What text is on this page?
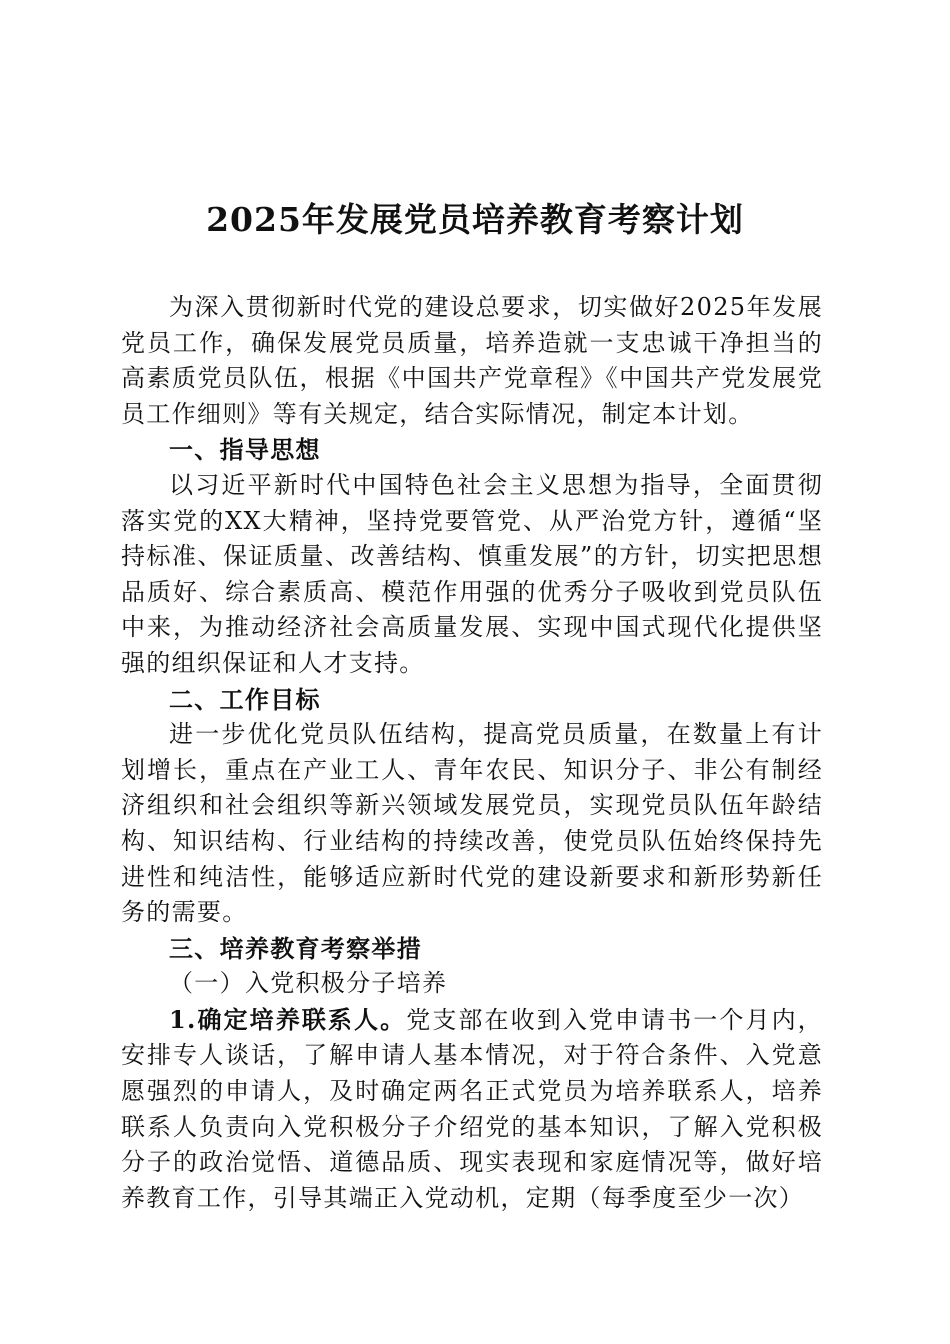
2025年发展党员培养教育考察计划

为深入贯彻新时代党的建设总要求，切实做好2025年发展党员工作，确保发展党员质量，培养造就一支忠诚干净担当的高素质党员队伍，根据《中国共产党章程》《中国共产党发展党员工作细则》等有关规定，结合实际情况，制定本计划。

一、指导思想

以习近平新时代中国特色社会主义思想为指导，全面贯彻落实党的XX大精神，坚持党要管党、从严治党方针，遵循“坚持标准、保证质量、改善结构、慎重发展”的方针，切实把思想品质好、综合素质高、模范作用强的优秀分子吸收到党员队伍中来，为推动经济社会高质量发展、实现中国式现代化提供坚强的组织保证和人才支持。

二、工作目标

进一步优化党员队伍结构，提高党员质量，在数量上有计划增长，重点在产业工人、青年农民、知识分子、非公有制经济组织和社会组织等新兴领域发展党员，实现党员队伍年龄结构、知识结构、行业结构的持续改善，使党员队伍始终保持先进性和纯洁性，能够适应新时代党的建设新要求和新形势新任务的需要。

三、培养教育考察举措

（一）入党积极分子培养

1.确定培养联系人。党支部在收到入党申请书一个月内，安排专人谈话，了解申请人基本情况，对于符合条件、入党意愿强烈的申请人，及时确定两名正式党员为培养联系人，培养联系人负责向入党积极分子介绍党的基本知识，了解入党积极分子的政治觉悟、道德品质、现实表现和家庭情况等，做好培养教育工作，引导其端正入党动机，定期（每季度至少一次）
